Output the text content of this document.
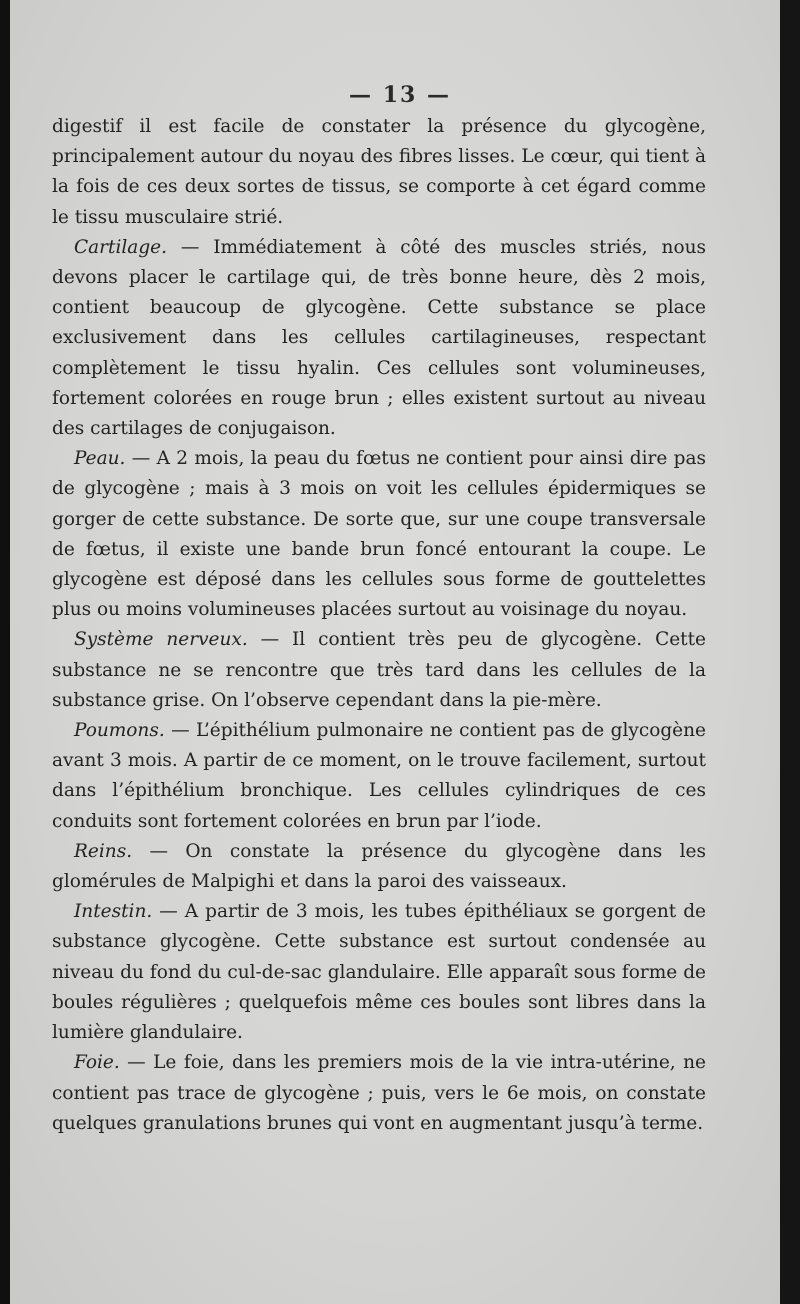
— 13 —

digestif il est facile de constater la présence du glycogène, principalement autour du noyau des fibres lisses. Le cœur, qui tient à la fois de ces deux sortes de tissus, se comporte à cet égard comme le tissu musculaire strié.

Cartilage. — Immédiatement à côté des muscles striés, nous devons placer le cartilage qui, de très bonne heure, dès 2 mois, contient beaucoup de glycogène. Cette substance se place exclusivement dans les cellules cartilagineuses, respectant complètement le tissu hyalin. Ces cellules sont volumineuses, fortement colorées en rouge brun ; elles existent surtout au niveau des cartilages de conjugaison.

Peau. — A 2 mois, la peau du fœtus ne contient pour ainsi dire pas de glycogène ; mais à 3 mois on voit les cellules épidermiques se gorger de cette substance. De sorte que, sur une coupe transversale de fœtus, il existe une bande brun foncé entourant la coupe. Le glycogène est déposé dans les cellules sous forme de gouttelettes plus ou moins volumineuses placées surtout au voisinage du noyau.

Système nerveux. — Il contient très peu de glycogène. Cette substance ne se rencontre que très tard dans les cellules de la substance grise. On l’observe cependant dans la pie-mère.

Poumons. — L’épithélium pulmonaire ne contient pas de glycogène avant 3 mois. A partir de ce moment, on le trouve facilement, surtout dans l’épithélium bronchique. Les cellules cylindriques de ces conduits sont fortement colorées en brun par l’iode.

Reins. — On constate la présence du glycogène dans les glomérules de Malpighi et dans la paroi des vaisseaux.

Intestin. — A partir de 3 mois, les tubes épithéliaux se gorgent de substance glycogène. Cette substance est surtout condensée au niveau du fond du cul-de-sac glandulaire. Elle apparaît sous forme de boules régulières ; quelquefois même ces boules sont libres dans la lumière glandulaire.

Foie. — Le foie, dans les premiers mois de la vie intra-utérine, ne contient pas trace de glycogène ; puis, vers le 6e mois, on constate quelques granulations brunes qui vont en augmentant jusqu’à terme.
